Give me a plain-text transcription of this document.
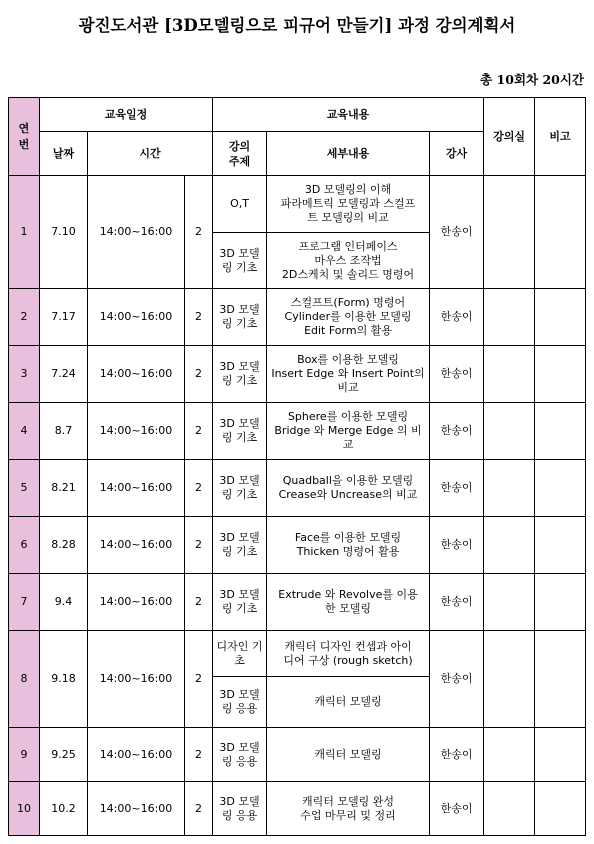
광진도서관 [3D모델링으로 피규어 만들기] 과정 강의계획서
총 10회차 20시간
연번	교육일정			교육내용			강의실	비고
	날짜	시간		강의 주제	세부내용	강사		
1	7.10	14:00~16:00	2	O,T	3D 모델링의 이해
파라메트릭 모델링과 스컬프
트 모델링의 비교	한송이		
				3D 모델링 기초	프로그램 인터페이스
마우스 조작법
2D스케치 및 솔리드 명령어			

2	7.17	14:00~16:00	2	3D 모델링 기초	스컬프트(Form) 명령어
Cylinder를 이용한 모델링
Edit Form의 활용	한송이		
3	7.24	14:00~16:00	2	3D 모델링 기초	Box를 이용한 모델링
Insert Edge 와 Insert Point의
비교	한송이		
4	8.7	14:00~16:00	2	3D 모델링 기초	Sphere를 이용한 모델링
Bridge 와 Merge Edge 의 비
교	한송이		
5	8.21	14:00~16:00	2	3D 모델링 기초	Quadball을 이용한 모델링
Crease와 Uncrease의 비교	한송이		
6	8.28	14:00~16:00	2	3D 모델링 기초	Face를 이용한 모델링
Thicken 명령어 활용	한송이		
7	9.4	14:00~16:00	2	3D 모델링 기초	Extrude 와 Revolve를 이용
한 모델링	한송이		
8	9.18	14:00~16:00	2	디자인 기초	캐릭터 디자인 컨셉과 아이
디어 구상 (rough sketch)	한송이		
				3D 모델링 응용	캐릭터 모델링			

9	9.25	14:00~16:00	2	3D 모델링 응용	캐릭터 모델링	한송이		
10	10.2	14:00~16:00	2	3D 모델링 응용	캐릭터 모델링 완성
수업 마무리 및 정리	한송이		
